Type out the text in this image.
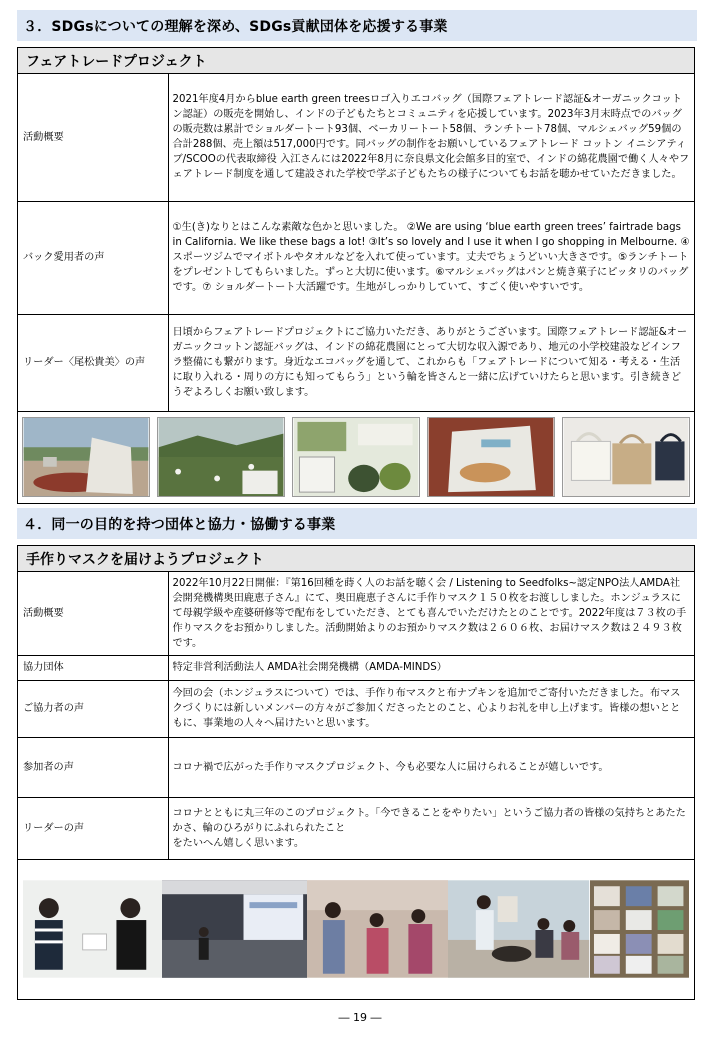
３．SDGsについての理解を深め、SDGs貢献団体を応援する事業
フェアトレードプロジェクト
活動概要	2021年度4月からblue earth green treesロゴ入りエコバッグ（国際フェアトレード認証&オーガニックコットン認証）の販売を開始し、インドの子どもたちとコミュニティを応援しています。2023年3月末時点でのバッグの販売数は累計でショルダートート93個、ベーカリートート58個、ランチトート78個、マルシェバッグ59個の合計288個、売上額は517,000円です。同バッグの制作をお願いしているフェアトレード コットン イニシアティブ/SCOOの代表取締役 入江さんには2022年8月に奈良県文化会館多目的室で、インドの綿花農園で働く人々やフェアトレード制度を通して建設された学校で学ぶ子どもたちの様子についてもお話を聴かせていただきました。
バック愛用者の声	①生(き)なりとはこんな素敵な色かと思いました。 ②We are using ‘blue earth green trees’ fairtrade bags in California. We like these bags a lot! ③It’s so lovely and I use it when I go shopping in Melbourne. ④スポーツジムでマイボトルやタオルなどを入れて使っています。丈夫でちょうどいい大きさです。⑤ランチトートをプレゼントしてもらいました。ずっと大切に使います。⑥マルシェバッグはパンと焼き菓子にピッタリのバッグです。⑦ ショルダートート大活躍です。生地がしっかりしていて、すごく使いやすいです。
リーダー〈尾松貴美〉の声	日頃からフェアトレードプロジェクトにご協力いただき、ありがとうございます。国際フェアトレード認証&オーガニックコットン認証バッグは、インドの綿花農園にとって大切な収入源であり、地元の小学校建設などインフラ整備にも繋がります。身近なエコバッグを通して、これからも「フェアトレードについて知る・考える・生活に取り入れる・周りの方にも知ってもらう」という輪を皆さんと一緒に広げていけたらと思います。引き続きどうぞよろしくお願い致します。
４．同一の目的を持つ団体と協力・協働する事業
手作りマスクを届けようプロジェクト
活動概要	2022年10月22日開催：『第16回種を蒔く人のお話を聴く会 / Listening to Seedfolks~認定NPO法人AMDA社会開発機構奥田鹿恵子さん』にて、奥田鹿恵子さんに手作りマスク１５０枚をお渡ししました。ホンジュラスにて母親学級や産婆研修等で配布をしていただき、とても喜んでいただけたとのことです。2022年度は７３枚の手作りマスクをお預かりしました。活動開始よりのお預かりマスク数は２６０６枚、お届けマスク数は２４９３枚です。
協力団体	特定非営利活動法人 AMDA社会開発機構（AMDA-MINDS）
ご協力者の声	今回の会（ホンジュラスについて）では、手作り布マスクと布ナプキンを追加でご寄付いただきました。布マスクづくりには新しいメンバーの方々がご参加くださったとのこと、心よりお礼を申し上げます。皆様の想いとともに、事業地の人々へ届けたいと思います。
参加者の声	コロナ禍で広がった手作りマスクプロジェクト、今も必要な人に届けられることが嬉しいです。
リーダーの声	コロナとともに丸三年のこのプロジェクト。「今できることをやりたい」というご協力者の皆様の気持ちとあたたかさ、輪のひろがりにふれられたこと
をたいへん嬉しく思います。
― 19 ―
